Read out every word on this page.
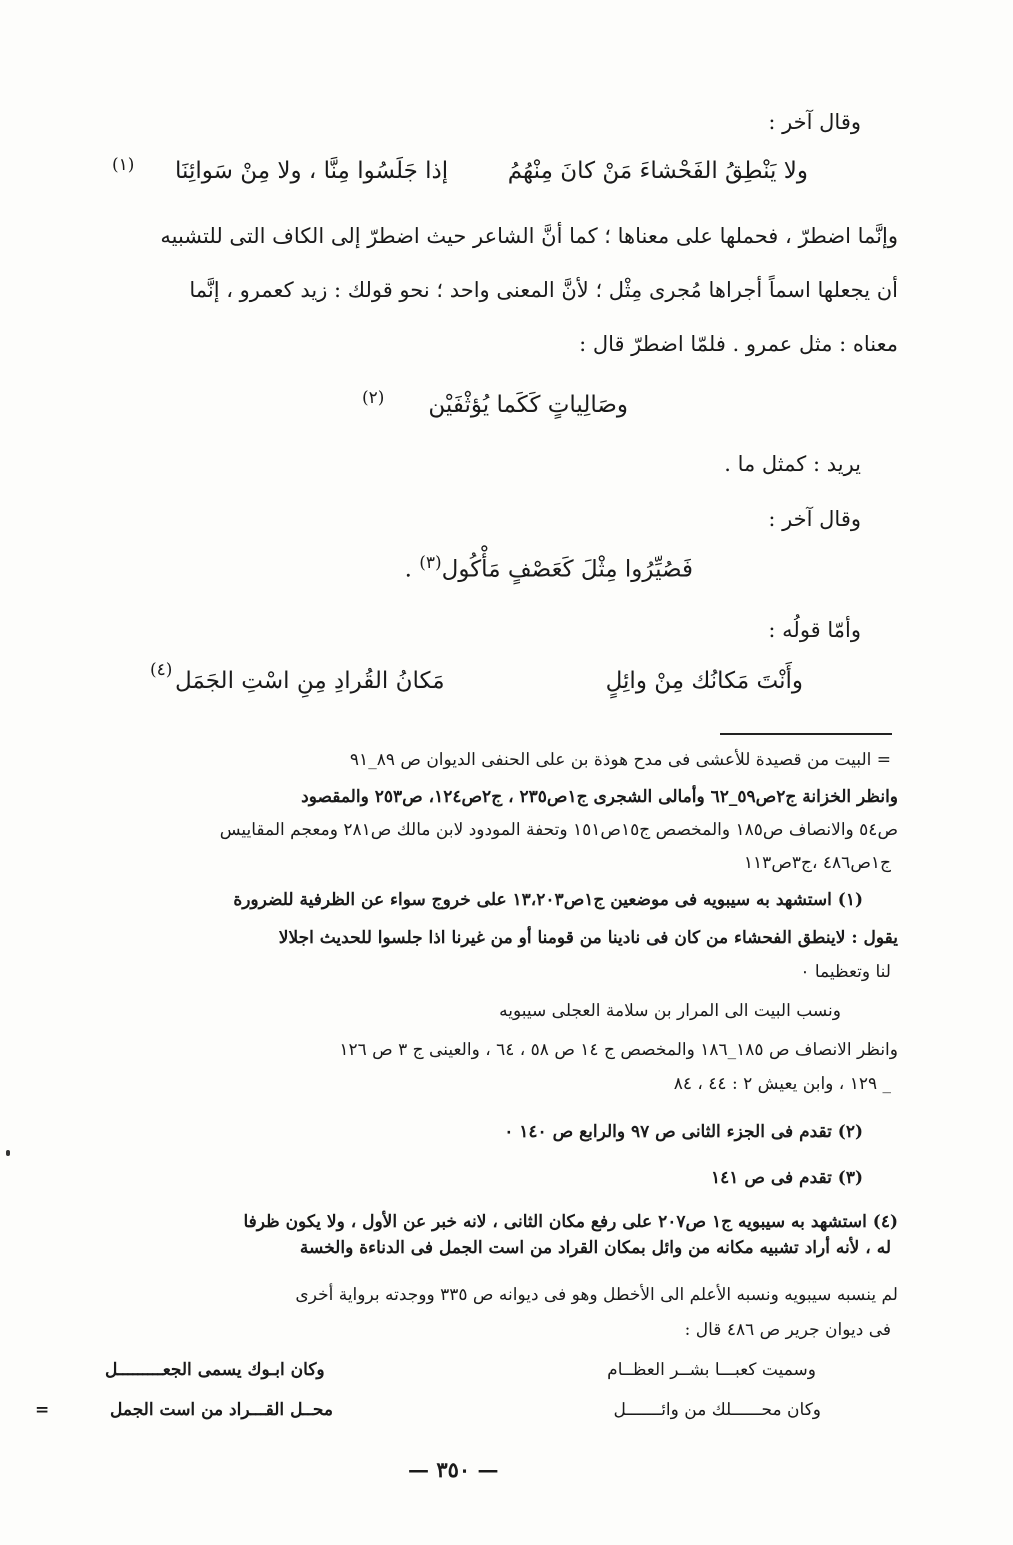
وقال آخر :
ولا يَنْطِقُ الفَحْشاءَ مَنْ كانَ مِنْهُمُ
إذا جَلَسُوا مِنَّا ، ولا مِنْ سَوائِنَا
(١)
وإنَّما اضطرّ ، فحملها على معناها ؛ كما أنَّ الشاعر حيث اضطرّ إلى الكاف التى للتشبيه
أن يجعلها اسماً أجراها مُجرى مِثْل ؛ لأنَّ المعنى واحد ؛ نحو قولك : زيد كعمرو ، إنَّما
معناه : مثل عمرو . فلمّا اضطرّ قال :
وصَالِياتٍ كَكَما يُؤثْفَيْن
(٢)
يريد : كمثل ما .
وقال آخر :
فَصُيِّرُوا مِثْلَ كَعَصْفٍ مَأْكُول$^{(٣)}$ .
وأمّا قولُه :
وأَنْتَ مَكانُك مِنْ وائِلٍ
مَكانُ القُرادِ مِنِ اسْتِ الجَمَل
(٤)
= البيت من قصيدة للأعشى فى مدح هوذة بن على الحنفى الديوان ص ٨٩_٩١
وانظر الخزانة ج٢ص٥٩_٦٢ وأمالى الشجرى ج١ص٢٣٥ ، ج٢ص١٢٤، ص٢٥٣ والمقصود
ص٥٤ والانصاف ص١٨٥ والمخصص ج١٥ص١٥١ وتحفة المودود لابن مالك ص٢٨١ ومعجم المقاييس
ج١ص٤٨٦ ،ج٣ص١١٣
(١) استشهد به سيبويه فى موضعين ج١ص١٣،٢٠٣ على خروج سواء عن الظرفية للضرورة
يقول : لاينطق الفحشاء من كان فى نادينا من قومنا أو من غيرنا اذا جلسوا للحديث اجلالا
لنا وتعظيما ٠
ونسب البيت الى المرار بن سلامة العجلى سيبويه
وانظر الانصاف ص ١٨٥_١٨٦ والمخصص ج ١٤ ص ٥٨ ، ٦٤ ، والعينى ج ٣ ص ١٢٦
_ ١٢٩ ، وابن يعيش ٢ : ٤٤ ، ٨٤
(٢) تقدم فى الجزء الثانى ص ٩٧ والرابع ص ١٤٠ ٠
(٣) تقدم فى ص ١٤١
(٤) استشهد به سيبويه ج١ ص٢٠٧ على رفع مكان الثانى ، لانه خبر عن الأول ، ولا يكون ظرفا
له ، لأنه أراد تشبيه مكانه من وائل بمكان القراد من است الجمل فى الدناءة والخسة
لم ينسبه سيبويه ونسبه الأعلم الى الأخطل وهو فى ديوانه ص ٣٣٥ ووجدته برواية أخرى
فى ديوان جرير ص ٤٨٦ قال :
وسميت كعبـــا بشــر العظــام
وكان ابـوك يسمى الجعـــــــــل
وكان محــــــلك من وائـــــــل
محــل القـــراد من است الجمل
=
— ٣٥٠ —
